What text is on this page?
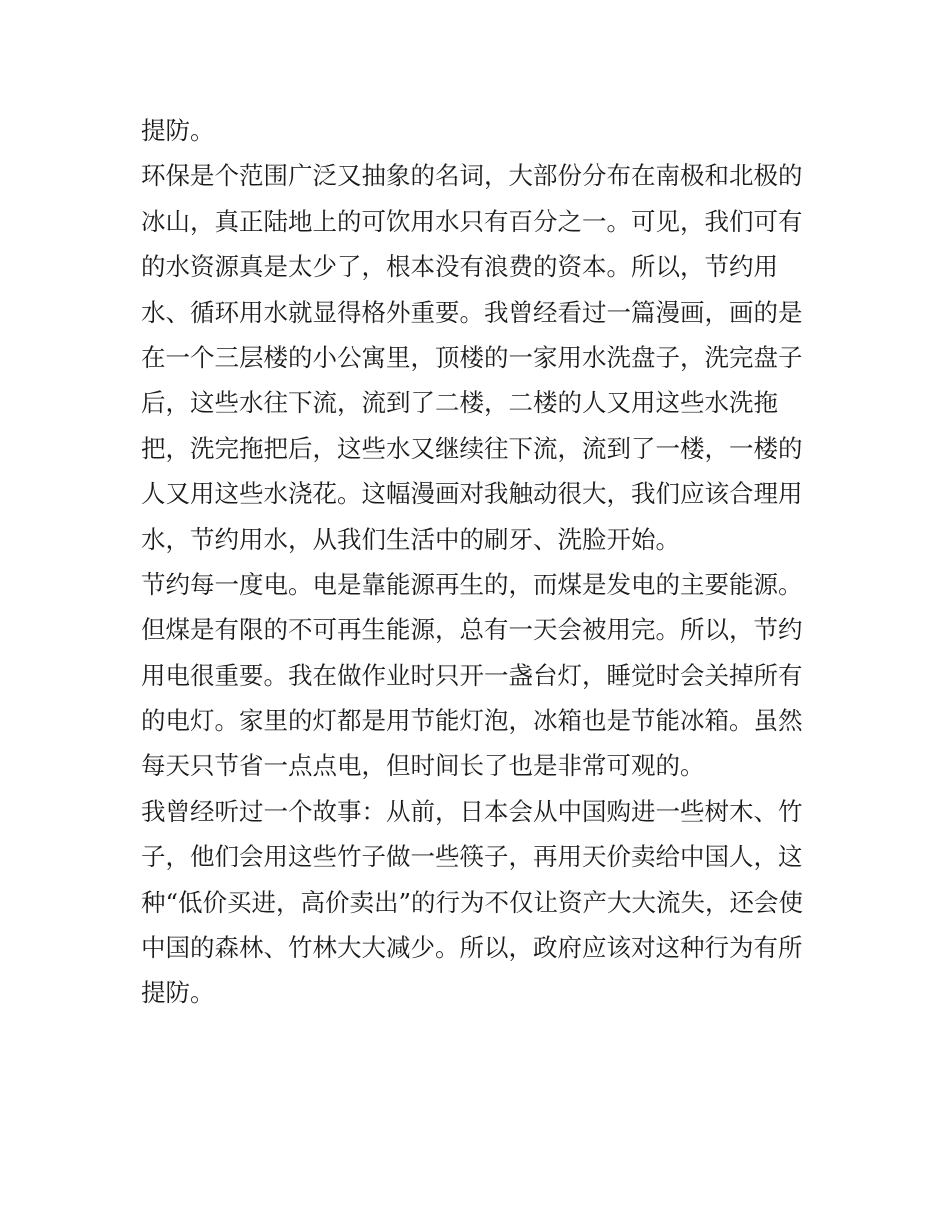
提防。
环保是个范围广泛又抽象的名词，大部份分布在南极和北极的
冰山，真正陆地上的可饮用水只有百分之一。可见，我们可有
的水资源真是太少了，根本没有浪费的资本。所以，节约用
水、循环用水就显得格外重要。我曾经看过一篇漫画，画的是
在一个三层楼的小公寓里，顶楼的一家用水洗盘子，洗完盘子
后，这些水往下流，流到了二楼，二楼的人又用这些水洗拖
把，洗完拖把后，这些水又继续往下流，流到了一楼，一楼的
人又用这些水浇花。这幅漫画对我触动很大，我们应该合理用
水，节约用水，从我们生活中的刷牙、洗脸开始。
节约每一度电。电是靠能源再生的，而煤是发电的主要能源。
但煤是有限的不可再生能源，总有一天会被用完。所以，节约
用电很重要。我在做作业时只开一盏台灯，睡觉时会关掉所有
的电灯。家里的灯都是用节能灯泡，冰箱也是节能冰箱。虽然
每天只节省一点点电，但时间长了也是非常可观的。
我曾经听过一个故事：从前，日本会从中国购进一些树木、竹
子，他们会用这些竹子做一些筷子，再用天价卖给中国人，这
种“低价买进，高价卖出”的行为不仅让资产大大流失，还会使
中国的森林、竹林大大减少。所以，政府应该对这种行为有所
提防。
